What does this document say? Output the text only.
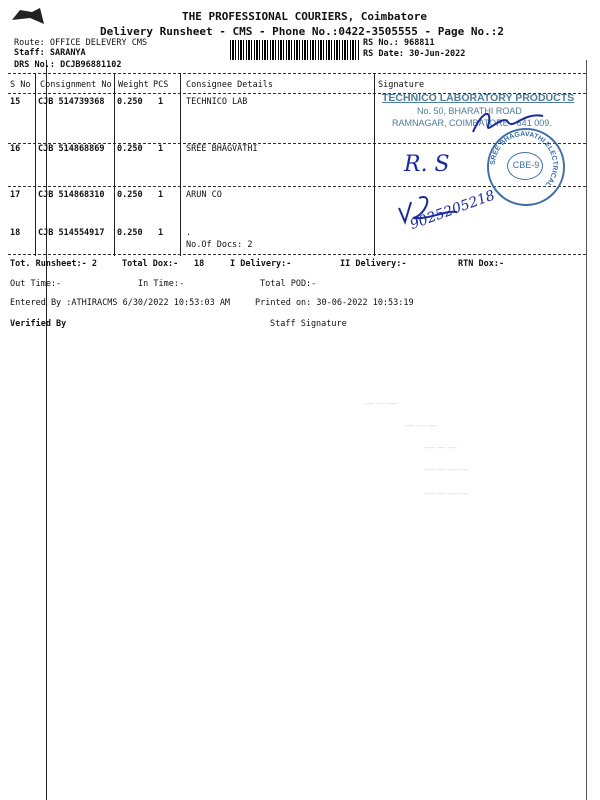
THE PROFESSIONAL COURIERS, Coimbatore
Delivery Runsheet - CMS - Phone No.:0422-3505555 - Page No.:2
Route: OFFICE DELEVERY CMS
Staff: SARANYA
DRS No.: DCJB96881102
RS No.: 968811
RS Date: 30-Jun-2022
S No Consignment No Weight PCS Consignee Details	Signature
15 CJB 514739368 0.250 1	TECHNICO LAB
16 CJB 514868869 0.250 1	SREE BHAGVATHI
17 CJB 514868310 0.250 1	ARUN CO
18 CJB 514554917 0.250 1	.
No.Of Docs: 2
TECHNICO LABORATORY PRODUCTS
No. 50, BHARATHI ROAD
RAMNAGAR, COIMBATORE - 641 009.
CBE-9
SREE BHAGAVATHI ELECTRICAL
R. S
9025205218
Tot. Runsheet:- 2	Total Dox:- 18	I Delivery:-	II Delivery:-	RTN Dox:-
Out Time:-	In Time:-	Total POD:-
Entered By :ATHIRACMS 6/30/2022 10:53:03 AM	Printed on: 30-06-2022 10:53:19
Verified By	Staff Signature
— — —
— — —
— — —
— — — —
— — — —
